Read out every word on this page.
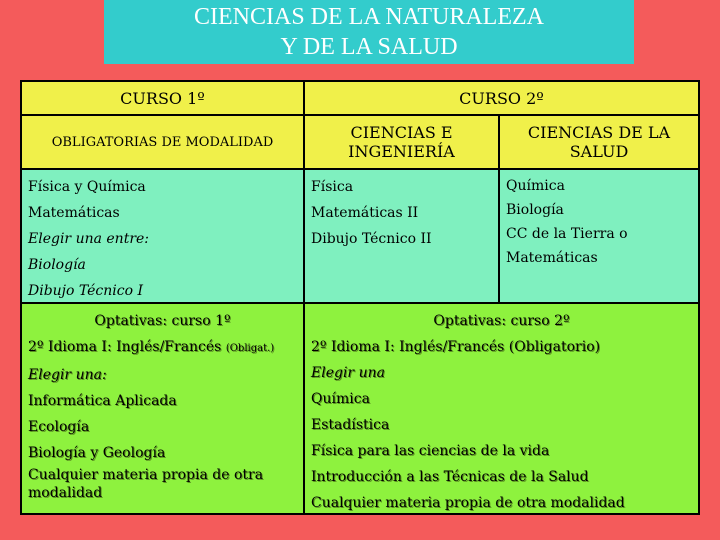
CIENCIAS DE LA NATURALEZA
Y DE LA SALUD
CURSO 1º	CURSO 2º
OBLIGATORIAS DE MODALIDAD	CIENCIAS E INGENIERÍA
CIENCIAS DE LA SALUD
Física y Química
Matemáticas
Elegir una entre:
Biología
Dibujo Técnico I
Física
Matemáticas II
Dibujo Técnico II
Química
Biología
CC de la Tierra o
Matemáticas
Optativas: curso 1º
2º Idioma I: Inglés/Francés (Obligat.)
Elegir una:
Informática Aplicada
Ecología
Biología y Geología
Cualquier materia propia de otra
modalidad
Optativas: curso 2º
2º Idioma I: Inglés/Francés (Obligatorio)
Elegir una
Química
Estadística
Física para las ciencias de la vida
Introducción a las Técnicas de la Salud
Cualquier materia propia de otra modalidad
